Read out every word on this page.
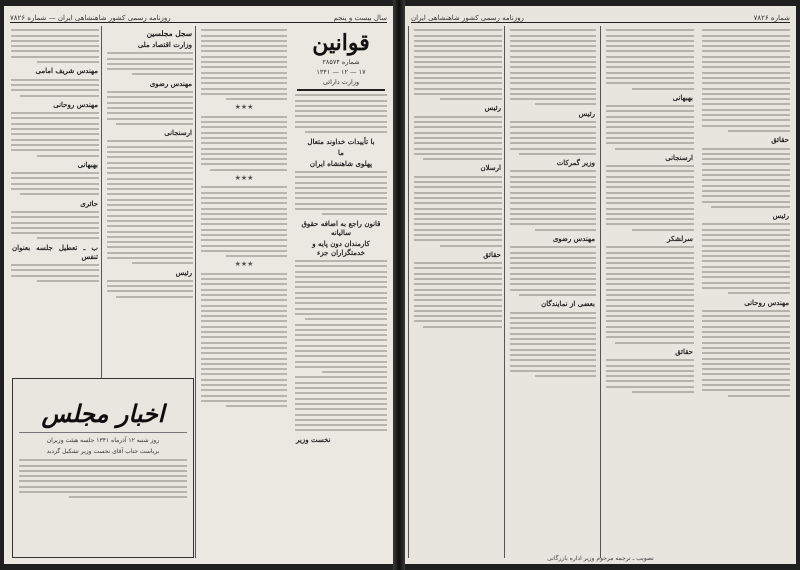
سال بیست و پنجم
روزنامه رسمی کشور شاهنشاهی ایران — شماره ۷۸۲۶
قوانین
شماره ۲۸۵۷۴
۱۷ — ۱۲ — ۱۳۴۱
وزارت دارائی
با تأییدات خداوند متعال
ما
پهلوی شاهنشاه ایران
قانون راجع به اضافه حقوق سالیانه
کارمندان دون پایه و خدمتگزاران جزء
نخست وزیر
★★★
★★★
★★★
سجل مجلسین
وزارت اقتصاد ملی
مهندس رضوی
ارسنجانی
رئیس
مهندس شریف امامی
مهندس روحانی
بهبهانی
حائری
ب ـ تعطیل جلسه بعنوان تنفس
اخبار مجلس
روز شنبه ۱۲ آذرماه ۱۳۴۱ جلسه هیئت وزیران
بریاست جناب آقای نخست وزیر تشکیل گردید
شماره ۷۸۲۶
روزنامه رسمی کشور شاهنشاهی ایران
حقائق
رئیس
مهندس روحانی
بهبهانی
ارسنجانی
سرلشکر
حقائق
رئیس
وزیر گمرکات
مهندس رضوی
بعضی از نمایندگان
رئیس
ارسلان
حقائق
تصویب ـ ترجمه مرحوم وزیر اداره بازرگانی
